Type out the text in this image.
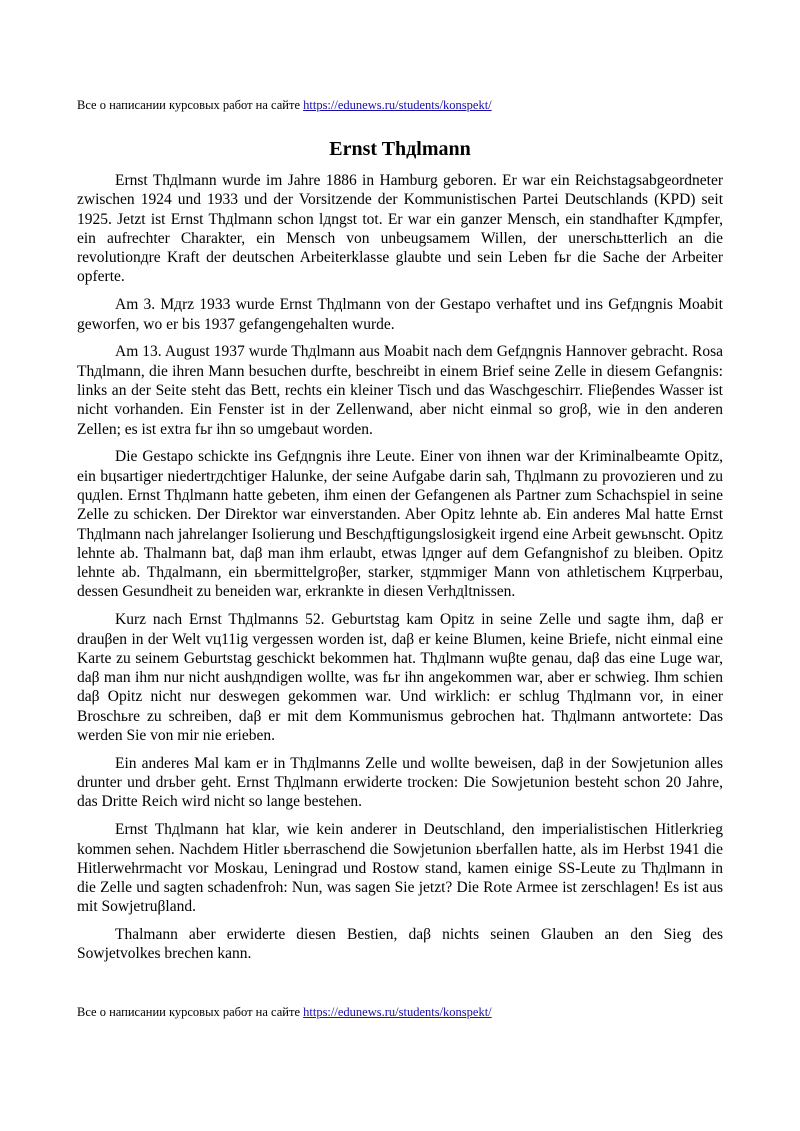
Все о написании курсовых работ на сайте https://edunews.ru/students/konspekt/
Ernst Thдlmann

Ernst Thдlmann wurde im Jahre 1886 in Hamburg geboren. Er war ein Reichstagsabgeordneter zwischen 1924 und 1933 und der Vorsitzende der Kommunistischen Partei Deutschlands (KPD) seit 1925. Jetzt ist Ernst Thдlmann schon lдngst tot. Er war ein ganzer Mensch, ein standhafter Kдmpfer, ein aufrechter Charakter, ein Mensch von unbeugsamem Willen, der unerschьtterlich an die revolutionдre Kraft der deutschen Arbeiterklasse glaubte und sein Leben fьr die Sache der Arbeiter opferte.

Am 3. Mдrz 1933 wurde Ernst Thдlmann von der Gestapo verhaftet und ins Gefдngnis Moabit geworfen, wo er bis 1937 gefangengehalten wurde.

Am 13. August 1937 wurde Thдlmann aus Moabit nach dem Gefдngnis Hannover gebracht. Rosa Thдlmann, die ihren Mann besuchen durfte, beschreibt in einem Brief seine Zelle in diesem Gefangnis: links an der Seite steht das Bett, rechts ein kleiner Tisch und das Waschgeschirr. Flieβendes Wasser ist nicht vorhanden. Ein Fenster ist in der Zellenwand, aber nicht einmal so groβ, wie in den anderen Zellen; es ist extra fьr ihn so umgebaut worden.

Die Gestapo schickte ins Gefдngnis ihre Leute. Einer von ihnen war der Kriminalbeamte Opitz, ein bцsartiger niedertrдchtiger Halunke, der seine Aufgabe darin sah, Thдlmann zu provozieren und zu quдlen. Ernst Thдlmann hatte gebeten, ihm einen der Gefangenen als Partner zum Schachspiel in seine Zelle zu schicken. Der Direktor war einverstanden. Aber Opitz lehnte ab. Ein anderes Mal hatte Ernst Thдlmann nach jahrelanger Isolierung und Beschдftigungslosigkeit irgend eine Arbeit gewьnscht. Opitz lehnte ab. Thalmann bat, daβ man ihm erlaubt, etwas lдnger auf dem Gefangnishof zu bleiben. Opitz lehnte ab. Thдalmann, ein ьbermittelgroβer, starker, stдmmiger Mann von athletischem Kцrperbau, dessen Gesundheit zu beneiden war, erkrankte in diesen Verhдltnissen.

Kurz nach Ernst Thдlmanns 52. Geburtstag kam Opitz in seine Zelle und sagte ihm, daβ er drauβen in der Welt vц11ig vergessen worden ist, daβ er keine Blumen, keine Briefe, nicht einmal eine Karte zu seinem Geburtstag geschickt bekommen hat. Thдlmann wuβte genau, daβ das eine Luge war, daβ man ihm nur nicht aushдndigen wollte, was fьr ihn angekommen war, aber er schwieg. Ihm schien daβ Opitz nicht nur deswegen gekommen war. Und wirklich: er schlug Thдlmann vor, in einer Broschьre zu schreiben, daβ er mit dem Kommunismus gebrochen hat. Thдlmann antwortete: Das werden Sie von mir nie erieben.

Ein anderes Mal kam er in Thдlmanns Zelle und wollte beweisen, daβ in der Sowjetunion alles drunter und drьber geht. Ernst Thдlmann erwiderte trocken: Die Sowjetunion besteht schon 20 Jahre, das Dritte Reich wird nicht so lange bestehen.

Ernst Thдlmann hat klar, wie kein anderer in Deutschland, den imperialistischen Hitlerkrieg kommen sehen. Nachdem Hitler ьberraschend die Sowjetunion ьberfallen hatte, als im Herbst 1941 die Hitlerwehrmacht vor Moskau, Leningrad und Rostow stand, kamen einige SS-Leute zu Thдlmann in die Zelle und sagten schadenfroh: Nun, was sagen Sie jetzt? Die Rote Armee ist zerschlagen! Es ist aus mit Sowjetruβland.

Thalmann aber erwiderte diesen Bestien, daβ nichts seinen Glauben an den Sieg des Sowjetvolkes brechen kann.

Все о написании курсовых работ на сайте https://edunews.ru/students/konspekt/
